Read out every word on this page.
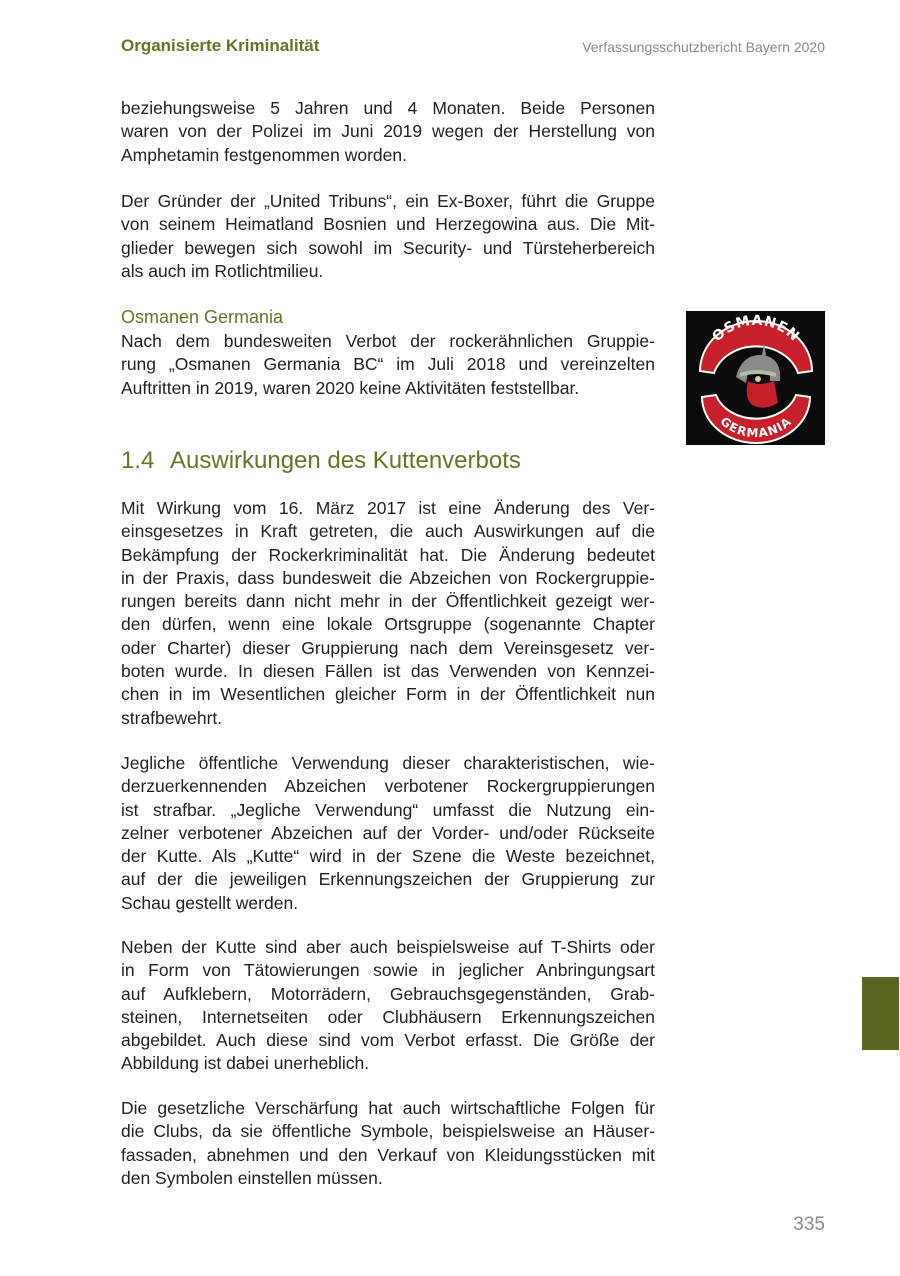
Organisierte Kriminalität	Verfassungsschutzbericht Bayern 2020
beziehungsweise 5 Jahren und 4 Monaten. Beide Personen
waren von der Polizei im Juni 2019 wegen der Herstellung von
Amphetamin festgenommen worden.
Der Gründer der „United Tribuns“, ein Ex-Boxer, führt die Gruppe
von seinem Heimatland Bosnien und Herzegowina aus. Die Mit-
glieder bewegen sich sowohl im Security- und Türsteherbereich
als auch im Rotlichtmilieu.
Osmanen Germania
Nach dem bundesweiten Verbot der rockerähnlichen Gruppie-
rung „Osmanen Germania BC“ im Juli 2018 und vereinzelten
Auftritten in 2019, waren 2020 keine Aktivitäten feststellbar.
OSMANEN
GERMANIA
1.4 Auswirkungen des Kuttenverbots
Mit Wirkung vom 16. März 2017 ist eine Änderung des Ver-
einsgesetzes in Kraft getreten, die auch Auswirkungen auf die
Bekämpfung der Rockerkriminalität hat. Die Änderung bedeutet
in der Praxis, dass bundesweit die Abzeichen von Rockergruppie-
rungen bereits dann nicht mehr in der Öffentlichkeit gezeigt wer-
den dürfen, wenn eine lokale Ortsgruppe (sogenannte Chapter
oder Charter) dieser Gruppierung nach dem Vereinsgesetz ver-
boten wurde. In diesen Fällen ist das Verwenden von Kennzei-
chen in im Wesentlichen gleicher Form in der Öffentlichkeit nun
strafbewehrt.
Jegliche öffentliche Verwendung dieser charakteristischen, wie-
derzuerkennenden Abzeichen verbotener Rockergruppierungen
ist strafbar. „Jegliche Verwendung“ umfasst die Nutzung ein-
zelner verbotener Abzeichen auf der Vorder- und/oder Rückseite
der Kutte. Als „Kutte“ wird in der Szene die Weste bezeichnet,
auf der die jeweiligen Erkennungszeichen der Gruppierung zur
Schau gestellt werden.
Neben der Kutte sind aber auch beispielsweise auf T-Shirts oder
in Form von Tätowierungen sowie in jeglicher Anbringungsart
auf Aufklebern, Motorrädern, Gebrauchsgegenständen, Grab-
steinen, Internetseiten oder Clubhäusern Erkennungszeichen
abgebildet. Auch diese sind vom Verbot erfasst. Die Größe der
Abbildung ist dabei unerheblich.
Die gesetzliche Verschärfung hat auch wirtschaftliche Folgen für
die Clubs, da sie öffentliche Symbole, beispielsweise an Häuser-
fassaden, abnehmen und den Verkauf von Kleidungsstücken mit
den Symbolen einstellen müssen.
335
